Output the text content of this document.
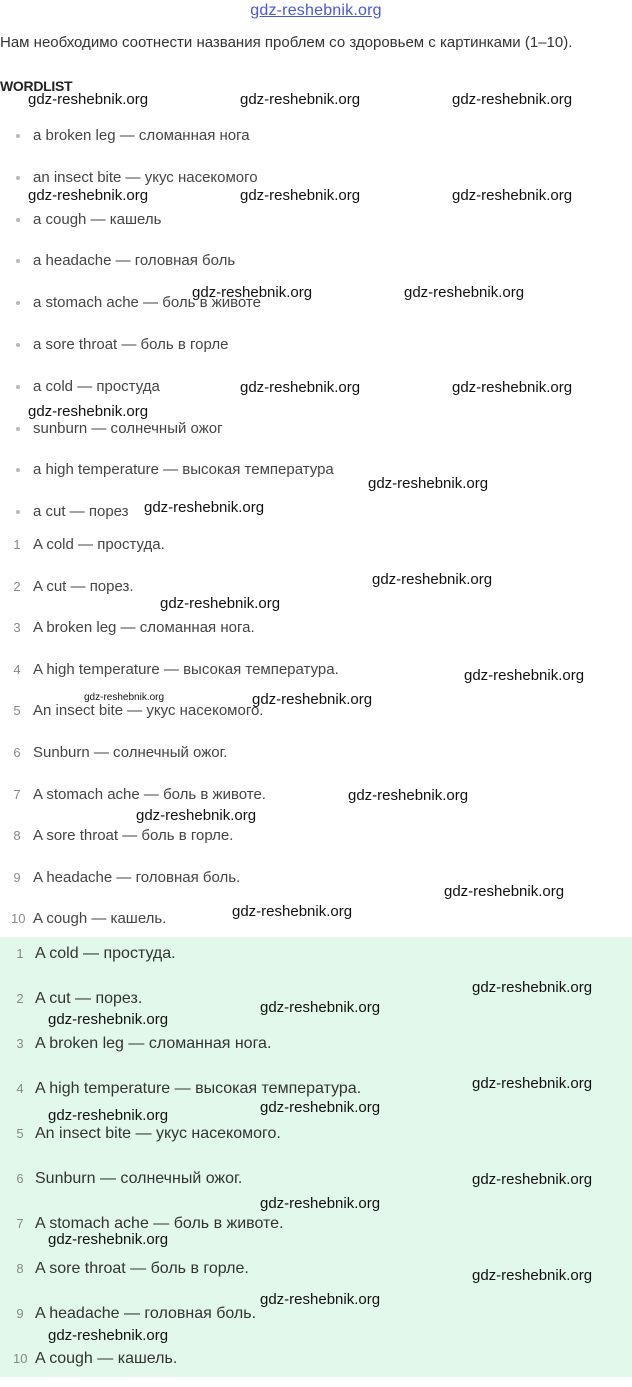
gdz-reshebnik.org
Нам необходимо соотнести названия проблем со здоровьем с картинками (1–10).
WORDLIST
a broken leg — сломанная нога
an insect bite — укус насекомого
a cough — кашель
a headache — головная боль
a stomach ache — боль в животе
a sore throat — боль в горле
a cold — простуда
sunburn — солнечный ожог
a high temperature — высокая температура
a cut — порез
1 A cold — простуда.
2 A cut — порез.
3 A broken leg — сломанная нога.
4 A high temperature — высокая температура.
5 An insect bite — укус насекомого.
6 Sunburn — солнечный ожог.
7 A stomach ache — боль в животе.
8 A sore throat — боль в горле.
9 A headache — головная боль.
10 A cough — кашель.
1 A cold — простуда.
2 A cut — порез.
3 A broken leg — сломанная нога.
4 A high temperature — высокая температура.
5 An insect bite — укус насекомого.
6 Sunburn — солнечный ожог.
7 A stomach ache — боль в животе.
8 A sore throat — боль в горле.
9 A headache — головная боль.
10 A cough — кашель.
gdz-reshebnik.org	gdz-reshebnik.org	gdz-reshebnik.org
gdz-reshebnik.org	gdz-reshebnik.org	gdz-reshebnik.org
gdz-reshebnik.org	gdz-reshebnik.org
gdz-reshebnik.org	gdz-reshebnik.org
gdz-reshebnik.org
gdz-reshebnik.org
gdz-reshebnik.org
gdz-reshebnik.org
gdz-reshebnik.org
gdz-reshebnik.org
gdz-reshebnik.org	gdz-reshebnik.org
gdz-reshebnik.org
gdz-reshebnik.org
gdz-reshebnik.org
gdz-reshebnik.org
gdz-reshebnik.org
gdz-reshebnik.org
gdz-reshebnik.org
gdz-reshebnik.org
gdz-reshebnik.org
gdz-reshebnik.org
gdz-reshebnik.org
gdz-reshebnik.org
gdz-reshebnik.org
gdz-reshebnik.org
gdz-reshebnik.org
gdz-reshebnik.org
